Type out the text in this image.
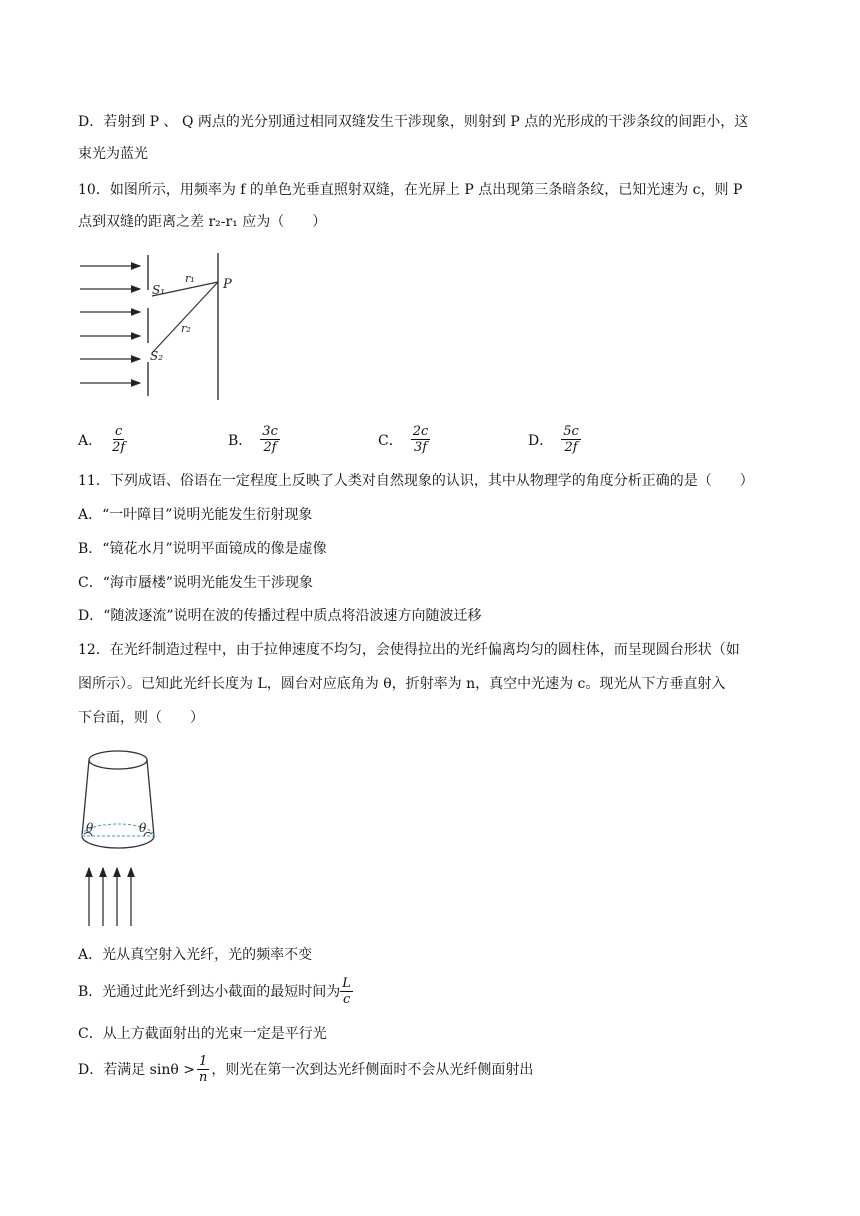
D．若射到 P 、 Q 两点的光分别通过相同双缝发生干涉现象，则射到 P 点的光形成的干涉条纹的间距小，这
束光为蓝光
10．如图所示，用频率为 f 的单色光垂直照射双缝，在光屏上 P 点出现第三条暗条纹，已知光速为 c，则 P
点到双缝的距离之差 r₂-r₁ 应为（　　）
S₁
S₂
r₁
r₂
P
A． $\frac{c}{2f}$	B． $\frac{3c}{2f}$	C． $\frac{2c}{3f}$	D． $\frac{5c}{2f}$
11．下列成语、俗语在一定程度上反映了人类对自然现象的认识，其中从物理学的角度分析正确的是（　　）
A．“一叶障目”说明光能发生衍射现象
B．“镜花水月”说明平面镜成的像是虚像
C．“海市蜃楼”说明光能发生干涉现象
D．“随波逐流”说明在波的传播过程中质点将沿波速方向随波迁移
12．在光纤制造过程中，由于拉伸速度不均匀，会使得拉出的光纤偏离均匀的圆柱体，而呈现圆台形状（如
图所示）。已知此光纤长度为 L，圆台对应底角为 θ，折射率为 n，真空中光速为 c。现光从下方垂直射入
下台面，则（　　）
θ	θ
A．光从真空射入光纤，光的频率不变
B．光通过此光纤到达小截面的最短时间为 $\frac{L}{c}$
C．从上方截面射出的光束一定是平行光
D．若满足 $\sin\theta > \frac{1}{n}$ ，则光在第一次到达光纤侧面时不会从光纤侧面射出
